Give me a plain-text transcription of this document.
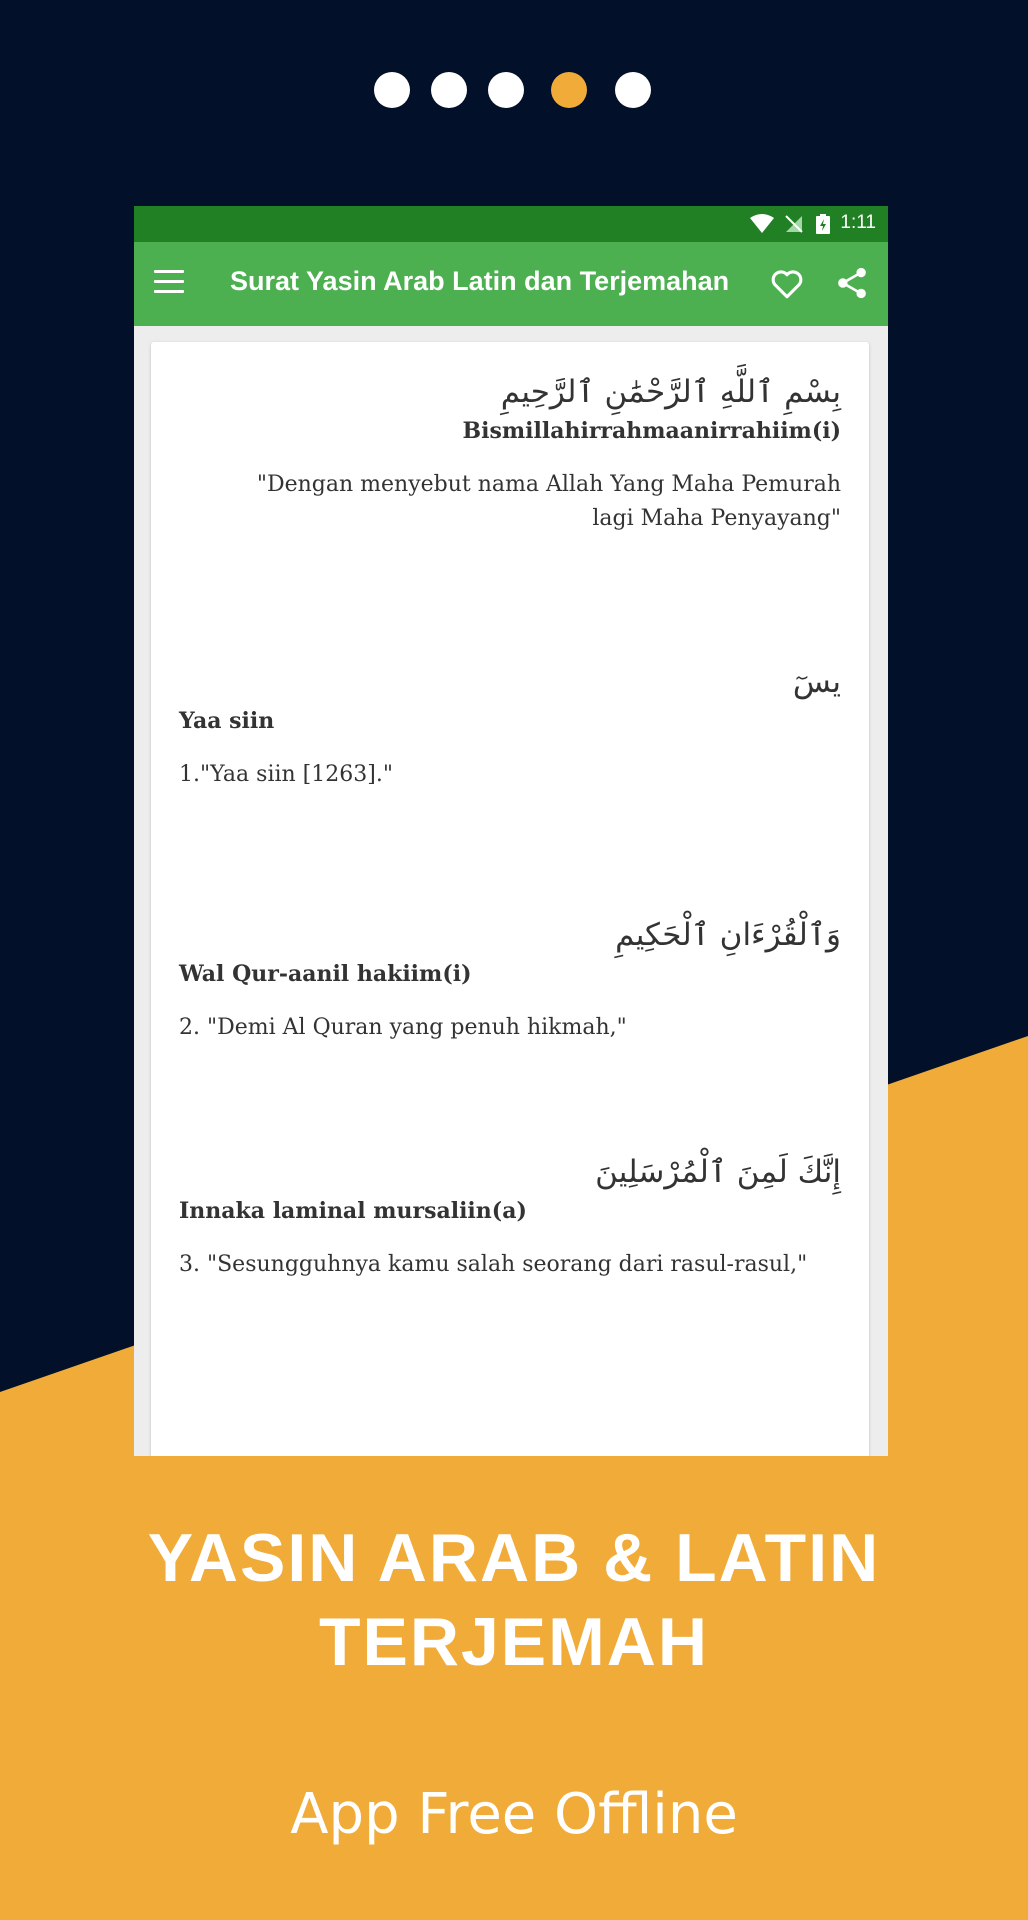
1:11
Surat Yasin Arab Latin dan Terjemahan
بِسْمِ ٱللَّهِ ٱلرَّحْمَٰنِ ٱلرَّحِيمِ
Bismillahirrahmaanirrahiim(i)
"Dengan menyebut nama Allah Yang Maha Pemurah lagi Maha Penyayang"
يسٓ
Yaa siin
1."Yaa siin [1263]."
وَٱلْقُرْءَانِ ٱلْحَكِيمِ
Wal Qur-aanil hakiim(i)
2. "Demi Al Quran yang penuh hikmah,"
إِنَّكَ لَمِنَ ٱلْمُرْسَلِينَ
Innaka laminal mursaliin(a)
3. "Sesungguhnya kamu salah seorang dari rasul-rasul,"
YASIN ARAB & LATIN
TERJEMAH
App Free Offline
